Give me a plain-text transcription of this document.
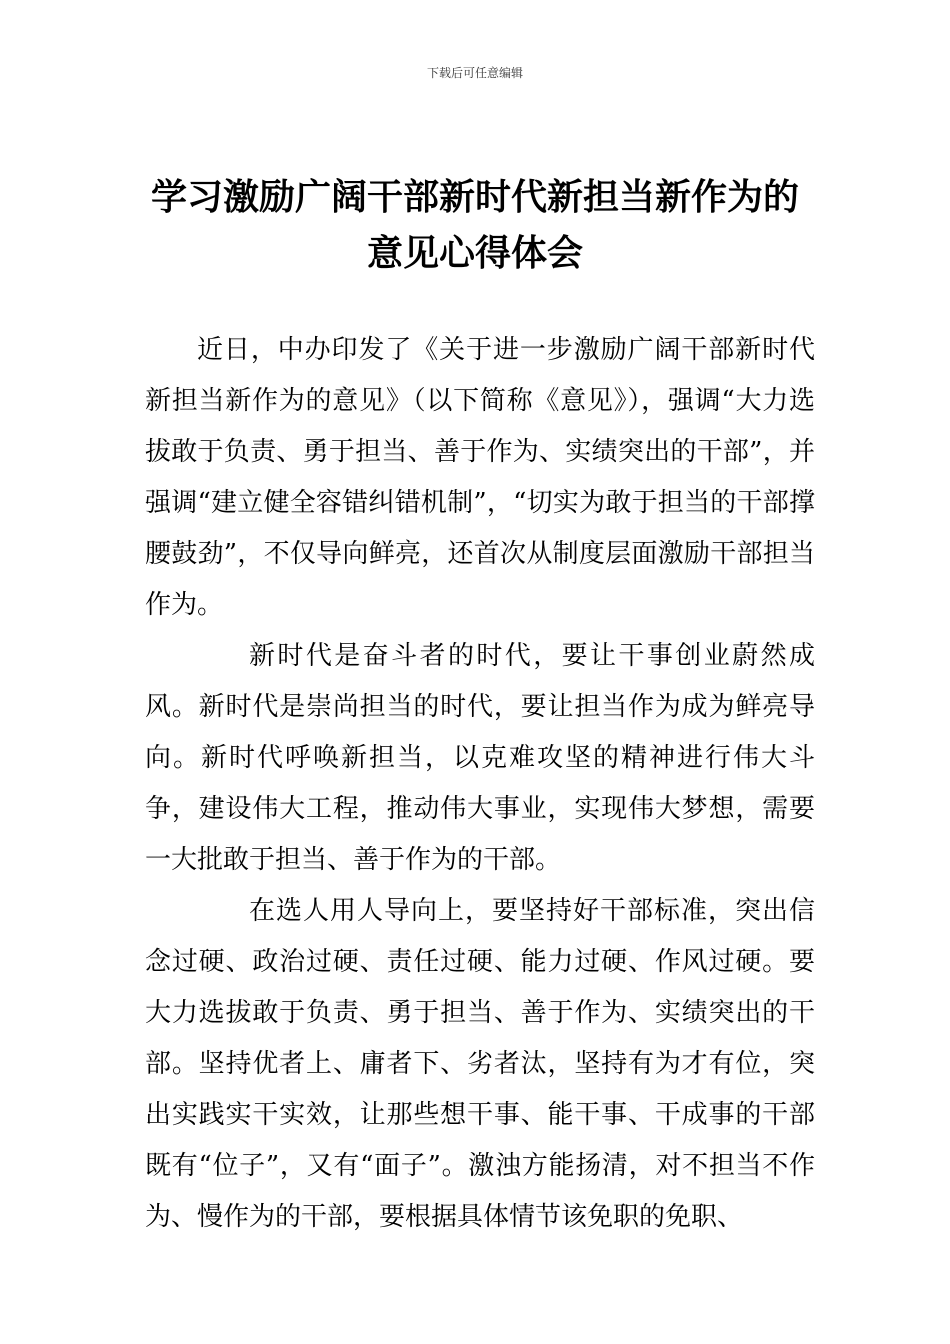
下载后可任意编辑
学习激励广阔干部新时代新担当新作为的
意见心得体会

近日，中办印发了《关于进一步激励广阔干部新时代新担当新作为的意见》（以下简称《意见》），强调“大力选拔敢于负责、勇于担当、善于作为、实绩突出的干部”，并强调“建立健全容错纠错机制”，“切实为敢于担当的干部撑腰鼓劲”，不仅导向鲜亮，还首次从制度层面激励干部担当作为。

新时代是奋斗者的时代，要让干事创业蔚然成风。新时代是崇尚担当的时代，要让担当作为成为鲜亮导向。新时代呼唤新担当，以克难攻坚的精神进行伟大斗争，建设伟大工程，推动伟大事业，实现伟大梦想，需要一大批敢于担当、善于作为的干部。

在选人用人导向上，要坚持好干部标准，突出信念过硬、政治过硬、责任过硬、能力过硬、作风过硬。要大力选拔敢于负责、勇于担当、善于作为、实绩突出的干部。坚持优者上、庸者下、劣者汰，坚持有为才有位，突出实践实干实效，让那些想干事、能干事、干成事的干部既有“位子”，又有“面子”。激浊方能扬清，对不担当不作为、慢作为的干部，要根据具体情节该免职的免职、
